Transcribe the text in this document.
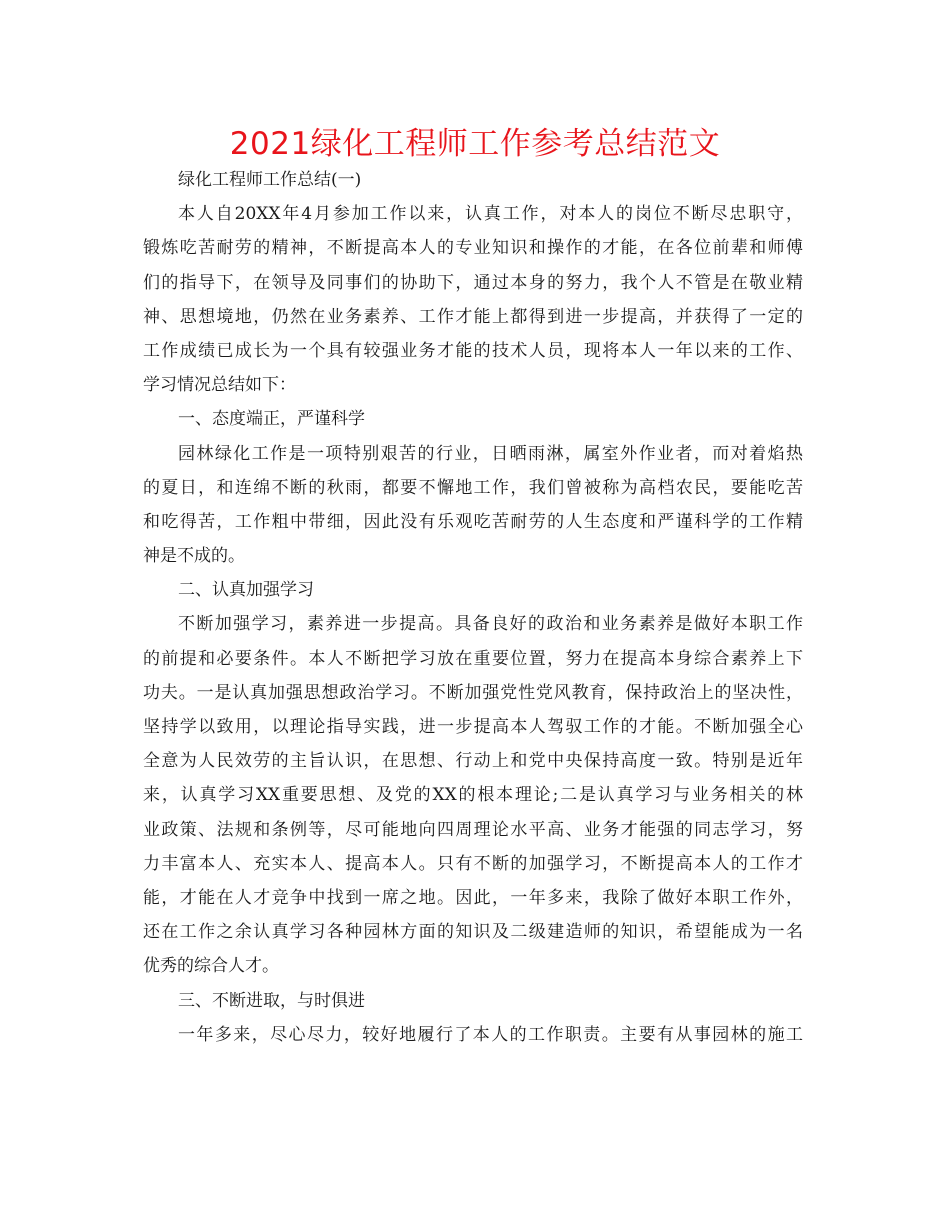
2021绿化工程师工作参考总结范文
绿化工程师工作总结(一)
本人自20XX年4月参加工作以来，认真工作，对本人的岗位不断尽忠职守，
锻炼吃苦耐劳的精神，不断提高本人的专业知识和操作的才能，在各位前辈和师傅
们的指导下，在领导及同事们的协助下，通过本身的努力，我个人不管是在敬业精
神、思想境地，仍然在业务素养、工作才能上都得到进一步提高，并获得了一定的
工作成绩已成长为一个具有较强业务才能的技术人员，现将本人一年以来的工作、
学习情况总结如下：
一、态度端正，严谨科学
园林绿化工作是一项特别艰苦的行业，日晒雨淋，属室外作业者，而对着焰热
的夏日，和连绵不断的秋雨，都要不懈地工作，我们曾被称为高档农民，要能吃苦
和吃得苦，工作粗中带细，因此没有乐观吃苦耐劳的人生态度和严谨科学的工作精
神是不成的。
二、认真加强学习
不断加强学习，素养进一步提高。具备良好的政治和业务素养是做好本职工作
的前提和必要条件。本人不断把学习放在重要位置，努力在提高本身综合素养上下
功夫。一是认真加强思想政治学习。不断加强党性党风教育，保持政治上的坚决性，
坚持学以致用，以理论指导实践，进一步提高本人驾驭工作的才能。不断加强全心
全意为人民效劳的主旨认识，在思想、行动上和党中央保持高度一致。特别是近年
来，认真学习XX重要思想、及党的XX的根本理论;二是认真学习与业务相关的林
业政策、法规和条例等，尽可能地向四周理论水平高、业务才能强的同志学习，努
力丰富本人、充实本人、提高本人。只有不断的加强学习，不断提高本人的工作才
能，才能在人才竞争中找到一席之地。因此，一年多来，我除了做好本职工作外，
还在工作之余认真学习各种园林方面的知识及二级建造师的知识，希望能成为一名
优秀的综合人才。
三、不断进取，与时俱进
一年多来，尽心尽力，较好地履行了本人的工作职责。主要有从事园林的施工
